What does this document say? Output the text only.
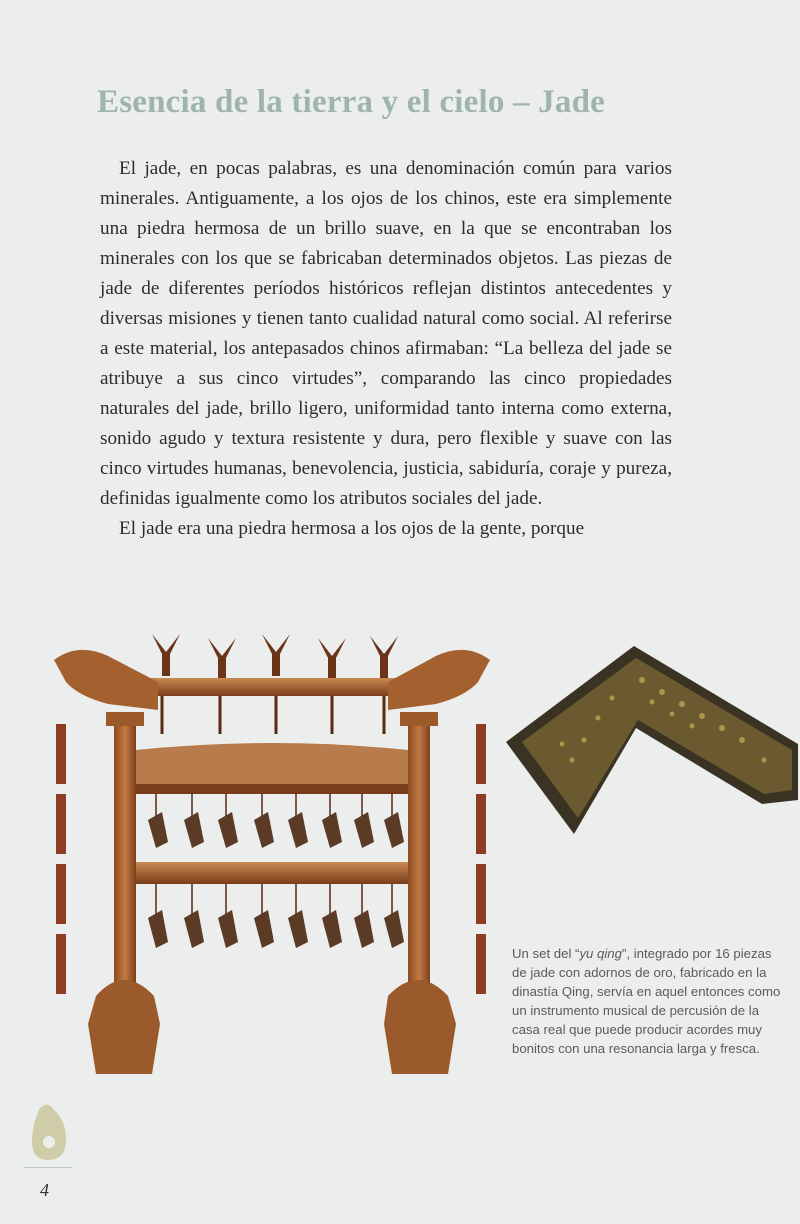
Esencia de la tierra y el cielo – Jade

El jade, en pocas palabras, es una denominación común para varios minerales. Antiguamente, a los ojos de los chinos, este era simplemente una piedra hermosa de un brillo suave, en la que se encontraban los minerales con los que se fabricaban determinados objetos. Las piezas de jade de diferentes períodos históricos reflejan distintos antecedentes y diversas misiones y tienen tanto cualidad natural como social. Al referirse a este material, los antepasados chinos afirmaban: “La belleza del jade se atribuye a sus cinco virtudes”, comparando las cinco propiedades naturales del jade, brillo ligero, uniformidad tanto interna como externa, sonido agudo y textura resistente y dura, pero flexible y suave con las cinco virtudes humanas, benevolencia, justicia, sabiduría, coraje y pureza, definidas igualmente como los atributos sociales del jade.

El jade era una piedra hermosa a los ojos de la gente, porque

Un set del “yu qing”, integrado por 16 piezas de jade con adornos de oro, fabricado en la dinastía Qing, servía en aquel entonces como un instrumento musical de percusión de la casa real que puede producir acordes muy bonitos con una resonancia larga y fresca.
4
